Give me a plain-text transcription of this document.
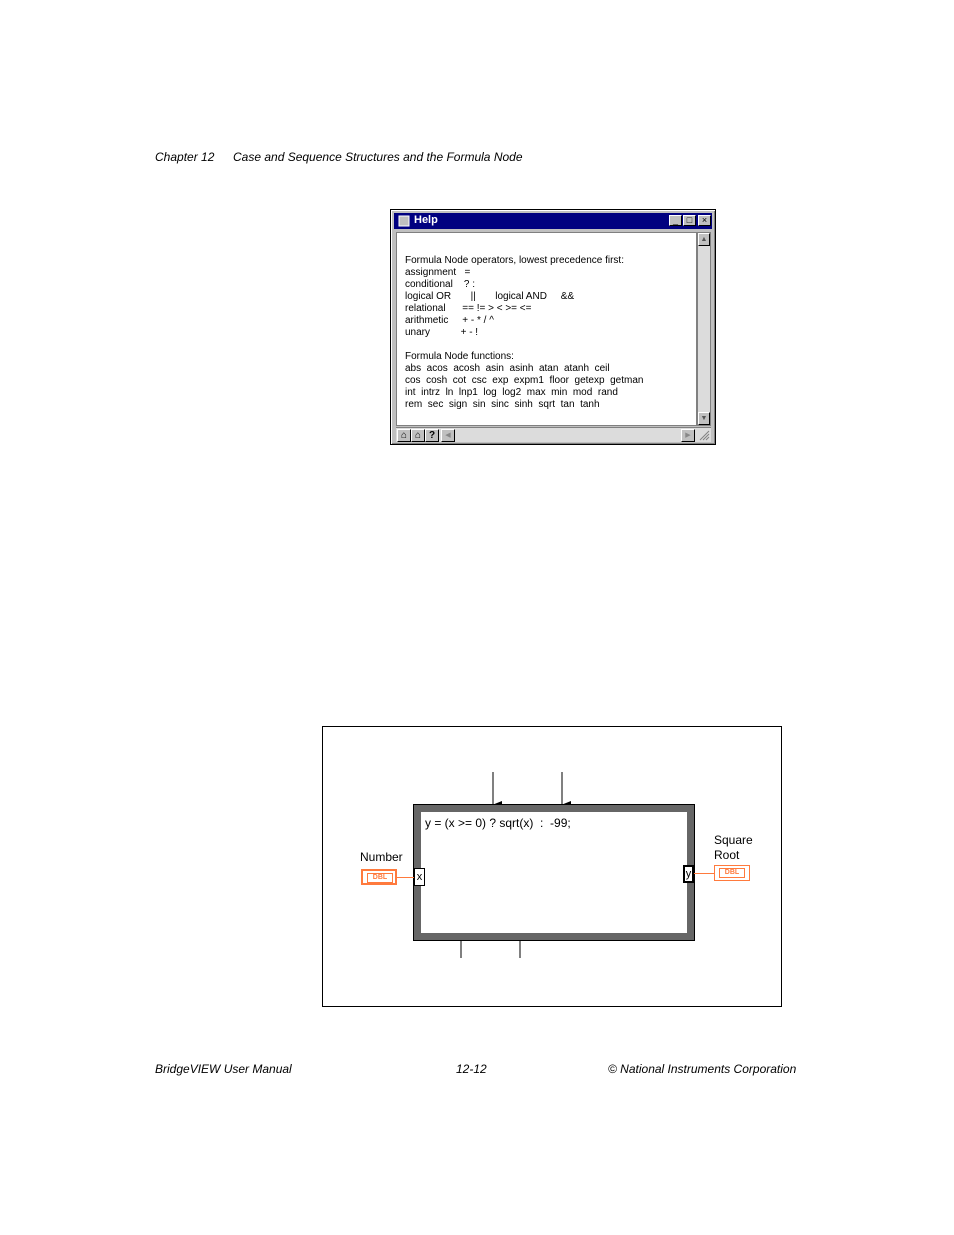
Chapter 12 Case and Sequence Structures and the Formula Node
Help	_ □	×
Formula Node operators, lowest precedence first:
assignment   =
conditional    ? :
logical OR       ||       logical AND     &&
relational      == != > < >= <=
arithmetic     + - * / ^
unary           + - !
Formula Node functions:
abs  acos  acosh  asin  asinh  atan  atanh  ceil
cos  cosh  cot  csc  exp  expm1  floor  getexp  getman
int  intrz  ln  lnp1  log  log2  max  min  mod  rand
rem  sec  sign  sin  sinc  sinh  sqrt  tan  tanh
▲
▼
⌂ ⌂ ?	◀	▶
y = (x >= 0) ? sqrt(x)  :  -99;
Number
DBL	x
Square
Root
y	DBL
BridgeVIEW User Manual	12-12	© National Instruments Corporation
